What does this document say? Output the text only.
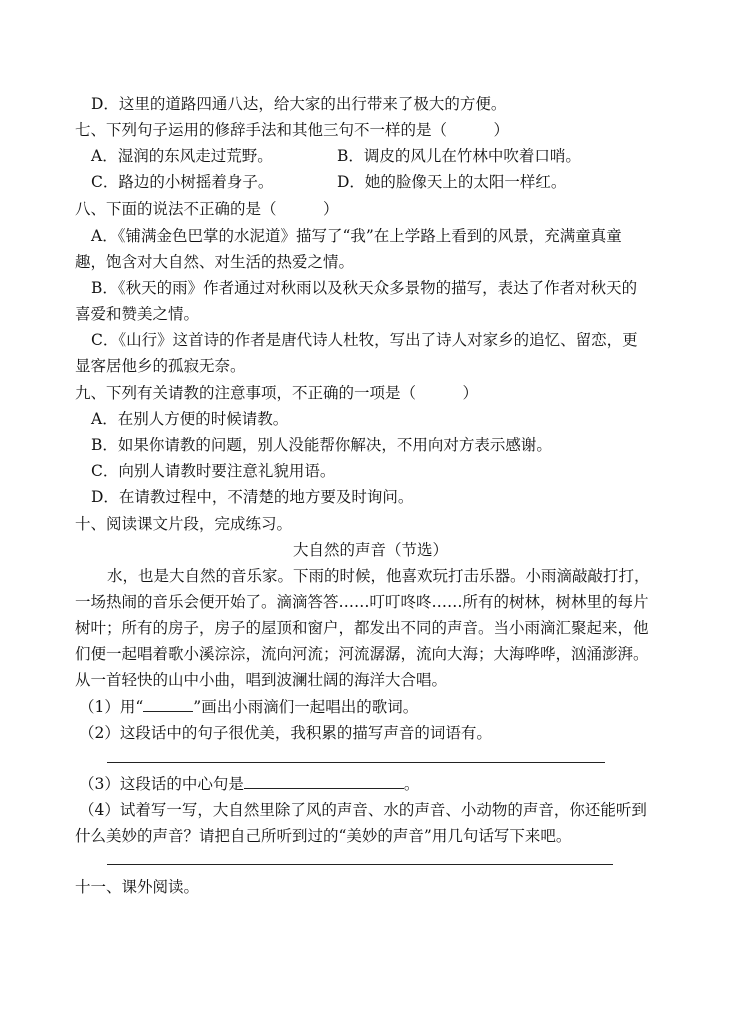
D．这里的道路四通八达，给大家的出行带来了极大的方便。
七、下列句子运用的修辞手法和其他三句不一样的是（　　　）
A．湿润的东风走过荒野。	B．调皮的风儿在竹林中吹着口哨。
C．路边的小树摇着身子。	D．她的脸像天上的太阳一样红。
八、下面的说法不正确的是（　　　）
A．《铺满金色巴掌的水泥道》描写了“我”在上学路上看到的风景，充满童真童
趣，饱含对大自然、对生活的热爱之情。
B．《秋天的雨》作者通过对秋雨以及秋天众多景物的描写，表达了作者对秋天的
喜爱和赞美之情。
C．《山行》这首诗的作者是唐代诗人杜牧，写出了诗人对家乡的追忆、留恋，更
显客居他乡的孤寂无奈。
九、下列有关请教的注意事项，不正确的一项是（　　　）
A．在别人方便的时候请教。
B．如果你请教的问题，别人没能帮你解决，不用向对方表示感谢。
C．向别人请教时要注意礼貌用语。
D．在请教过程中，不清楚的地方要及时询问。
十、阅读课文片段，完成练习。
大自然的声音（节选）
水，也是大自然的音乐家。下雨的时候，他喜欢玩打击乐器。小雨滴敲敲打打，
一场热闹的音乐会便开始了。滴滴答答……叮叮咚咚……所有的树林，树林里的每片
树叶；所有的房子，房子的屋顶和窗户，都发出不同的声音。当小雨滴汇聚起来，他
们便一起唱着歌小溪淙淙，流向河流；河流潺潺，流向大海；大海哗哗，汹涌澎湃。
从一首轻快的山中小曲，唱到波澜壮阔的海洋大合唱。
（1）用“	”画出小雨滴们一起唱出的歌词。
（2）这段话中的句子很优美，我积累的描写声音的词语有。
（3）这段话的中心句是	。
（4）试着写一写，大自然里除了风的声音、水的声音、小动物的声音，你还能听到
什么美妙的声音？请把自己所听到过的“美妙的声音”用几句话写下来吧。
十一、课外阅读。
